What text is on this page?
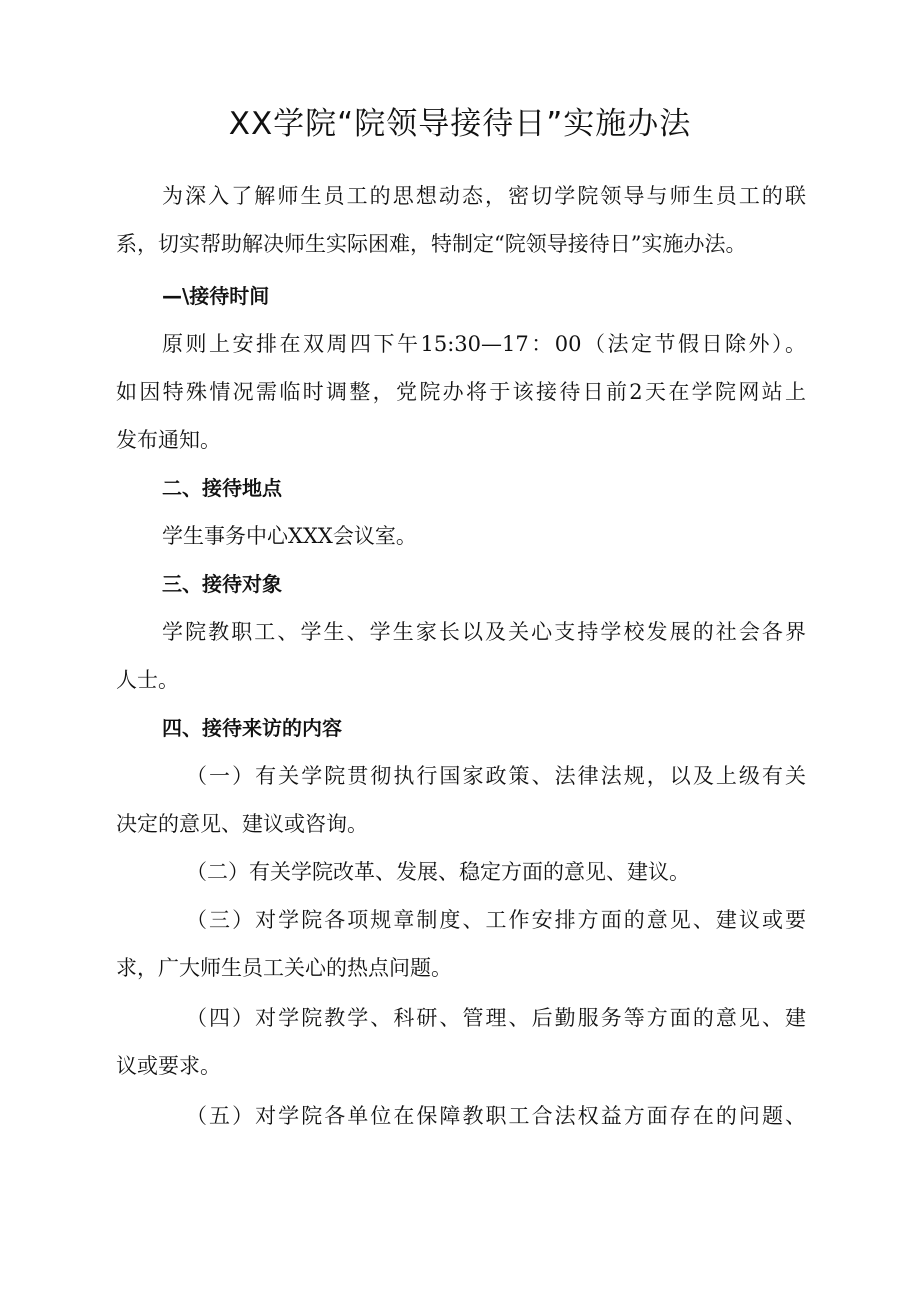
XX学院“院领导接待日”实施办法
为深入了解师生员工的思想动态，密切学院领导与师生员工的联
系，切实帮助解决师生实际困难，特制定“院领导接待日”实施办法。
—\接待时间
原则上安排在双周四下午15:30—17：00（法定节假日除外）。
如因特殊情况需临时调整，党院办将于该接待日前2天在学院网站上
发布通知。
二、接待地点
学生事务中心XXX会议室。
三、接待对象
学院教职工、学生、学生家长以及关心支持学校发展的社会各界
人士。
四、接待来访的内容
（一）有关学院贯彻执行国家政策、法律法规，以及上级有关
决定的意见、建议或咨询。
（二）有关学院改革、发展、稳定方面的意见、建议。
（三）对学院各项规章制度、工作安排方面的意见、建议或要
求，广大师生员工关心的热点问题。
（四）对学院教学、科研、管理、后勤服务等方面的意见、建
议或要求。
（五）对学院各单位在保障教职工合法权益方面存在的问题、
